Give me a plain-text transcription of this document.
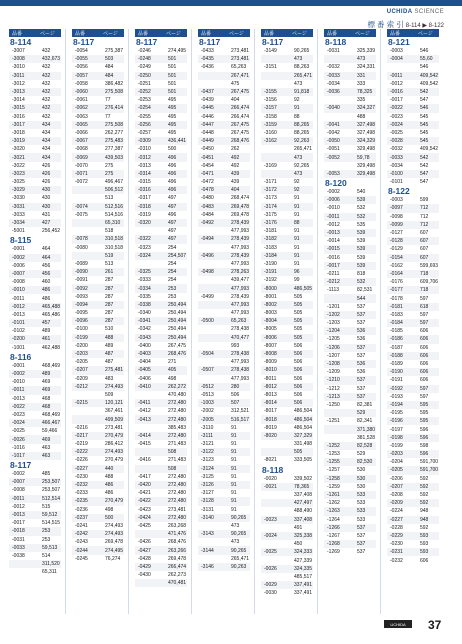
UCHIDA SCIENCE
標 番 索 引 8-114 ▶ 8-122
品番	ページ
8-114
-3007	432
-3008	432,673
-3010	432
-3011	432
-3012	432
-3013	432
-3014	432
-3015	432
-3016	432
-3017	434
-3018	434
-3019	434
-3020	434
-3021	434
-3022	426
-3023	426
-3025	426
-3029	430
-3030	430
-3031	430
-3033	431
-3034	427
-5001	256,452
8-115
-0001	464
-0002	464
-0006	456
-0007	456
-0008	460
-0010	486
-0011	486
-0012	465,488
-0013	465,486
-0101	457
-0102	489
-0200	461
-1001	462,488
8-116
-0001	468,469
-0002	489
-0010	469
-0011	469
-0013	468
-0022	468
-0023	468,469
-0024	466,467
-0025	59,466
-0026	469
-1016	463
-1017	463
8-117
-0002	485
-0007	253,507
-0008	253,507
-0011	512,514
-0012	515
-0013	59,512
-0017	514,515
-0018	253
-0031	253
-0033	59,513
-0038	514
311,520
65,311
品番	ページ
8-117
-0054	275,387
-0055	503
-0056	484
-0057	484
-0058	386,482
-0060	275,508
-0061	77
-0062	276,414
-0063	77
-0065	275,508
-0066	262,277
-0067	275,483
-0068	277,387
-0069	439,503
-0070	275
-0071	275
-0072	496,467
506,512
513
-0074	512,516
-0075	514,516
65,310
518
-0078	310,518
-0080	310,518
519
-0089	513
-0090	261
-0091	287
-0092	287
-0093	287
-0094	287
-0095	287
-0096	287
-0100	510
-0199	488
-0200	489
-0203	487
-0205	487
-0207	275,481
-0209	483
-0212	274,493
509
-0215	120,121
367,461
499,509
-0216	273,481
-0217	270,479
-0219	286,412
-0222	274,493
-0226	270,479
-0227	440
-0230	488
-0232	486
-0233	486
-0235	270,479
-0236	498
-0237	500
-0241	274,493
-0242	274,493
-0243	269,478
-0244	274,495
-0245	76,274
品番	ページ
8-117
-0246	274,495
-0248	501
-0249	501
-0250	501
-0251	501
-0252	501
-0253	495
-0254	495
-0255	495
-0256	495
-0257	495
-0309	436,441
-0310	500
-0312	496
-0313	496
-0314	496
-0315	496
-0316	496
-0317	497
-0318	497
-0319	496
-0320	497
497
-0322	497
-0323	254
-0324	254,507
254
-0325	254
-0333	254
-0334	253
-0335	253
-0338	250,494
-0340	250,494
-0341	250,494
-0342	250,494
-0343	250,494
-0400	267,475
-0403	268,476
-0404	271
-0405	405
-0406	498
-0410	262,272
470,480
-0411	272,480
-0412	272,480
-0413	272,480
385,483
-0414	272,480
-0415	271,483
508
-0416	271,483
508
-0417	272,480
-0420	272,480
-0421	272,480
-0422	272,480
-0423	273,481
-0424	272,480
-0425	263,268
471,476
-0426	268,476
-0427	263,266
-0428	269,478
-0429	266,474
-0430	262,273
470,481
品番	ページ
8-117
-0433	273,481
-0435	273,481
-0436	65,263
267,471
475
-0437	267,475
-0439	404
-0445	266,474
-0446	266,474
-0447	267,475
-0448	267,475
-0449	268,476
-0450	262
-0451	492
-0454	492
-0471	439
-0472	439
-0478	404
-0480	268,474
-0483	269,478
-0484	269,478
-0492	278,439
477,993
-0494	278,439
477,993
-0496	278,439
477,993
-0498	278,263
439,477
477,993
-0499	278,439
477,993
477,993
-0500	65,263
278,438
470,477
993
-0504	278,438
477,993
-0507	278,438
477,993
-0512	280
-0513	506
-1003	507
-2002	312,521
-2005	516,517
-3110	91
-3111	91
-3121	91
-3122	91
-3123	91
-3124	91
-3125	91
-3126	91
-3127	91
-3128	91
-3131	91
-3140	90,265
473
-3143	90,265
473
-3144	90,265
265,471
-3146	90,263
品番	ページ
8-117
-3149	90,265
473
-3151	88,263
265,471
473
-3155	91,818
-3156	92
-3157	91
-3158	88
-3159	88,265
-3160	88,265
-3162	92,263
265,471
473
-3169	92,265
473
-3171	92
-3172	92
-3173	91
-3174	91
-3175	91
-3176	88
-3181	91
-3182	91
-3183	91
-3184	91
-3190	91
-3191	96
-3192	99
-8000	486,505
-8001	505
-8002	505
-8003	505
-8004	505
-8005	505
-8006	505
-8007	506
-8008	506
-8009	506
-8010	506
-8011	506
-8012	506
-8013	506
-8014	506
-8017	486,504
-8018	486,504
-8019	486,504
-8020	327,329
331,498
505
-8021	333,505
8-118
-0020	339,502
-0021	78,365
337,408
427,497
488,490
-0023	337,408
491
-0024	325,338
450
-0025	324,333
427,339
-0026	324,335
485,517
-0029	337,491
-0030	337,491
品番	ページ
8-118
-0031	325,339
473
-0032	324,331
-0033	331
-0034	333
-0036	78,325
335
-0040	324,327
488
-0041	327,498
-0042	327,498
-0050	324,329
-0051	329,498
-0052	59,78
329,498
-0053	329,498
8-120
-0002	540
-0006	539
-0010	532
-0011	532
-0012	535
-0013	539
-0014	539
-0015	539
-0016	539
-0017	539
-0211	818
-0212	532
-1113	82,531
544
-1201	537
-1202	537
-1203	537
-1204	536
-1205	536
-1206	537
-1207	537
-1208	536
-1209	536
-1210	537
-1212	537
-1213	537
-1250	82,381
529
-1251	82,341
371,380
381,528
-1252	82,528
-1253	529
-1255	82,530
-1257	530
-1258	530
-1259	530
-1261	533
-1262	533
-1263	533
-1264	533
-1266	537
-1267	537
-1268	537
-1269	537
品番	ページ
8-121
-0003	546
-0004	55,60
546
-0011	409,542
-0012	409,542
-0016	542
-0017	547
-0022	546
-0023	545
-0024	545
-0025	545
-0028	545
-0032	409,542
-0033	542
-0034	542
-0100	547
-0101	547
8-122
-0003	599
-0097	712
-0098	712
-0099	712
-0127	607
-0128	607
-0129	607
-0154	607
-0162	599,693
-0164	718
-0176	609,706
-0177	718
-0178	597
-0181	618
-0183	597
-0184	597
-0185	606
-0186	606
-0187	606
-0188	606
-0189	606
-0190	606
-0191	606
-0192	597
-0193	597
-0194	595
-0195	595
-0196	595
-0197	596
-0198	596
-0199	598
-0203	596
-0204	591,700
-0205	591,700
-0206	592
-0207	592
-0208	592
-0209	592
-0224	948
-0227	948
-0228	592
-0229	593
-0230	593
-0231	593
-0232	606
UCHIDA	37
